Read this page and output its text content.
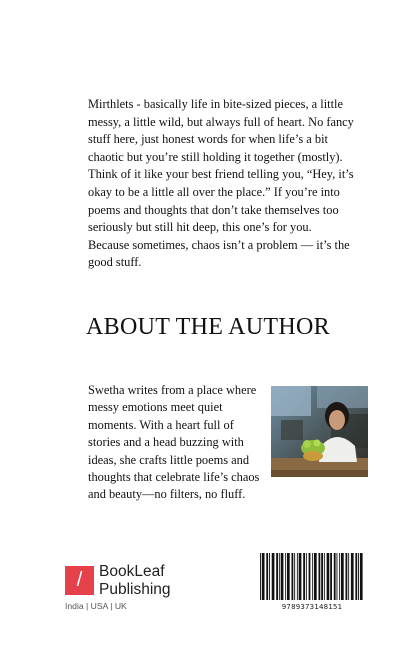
Mirthlets - basically life in bite-sized pieces, a little messy, a little wild, but always full of heart. No fancy stuff here, just honest words for when life’s a bit chaotic but you’re still holding it together (mostly). Think of it like your best friend telling you, “Hey, it’s okay to be a little all over the place.” If you’re into poems and thoughts that don’t take themselves too seriously but still hit deep, this one’s for you. Because sometimes, chaos isn’t a problem — it’s the good stuff.

ABOUT THE AUTHOR

Swetha writes from a place where messy emotions meet quiet moments. With a heart full of stories and a head buzzing with ideas, she crafts little poems and thoughts that celebrate life’s chaos and beauty—no filters, no fluff.

/	BookLeaf
Publishing
India | USA | UK	9789373148151
